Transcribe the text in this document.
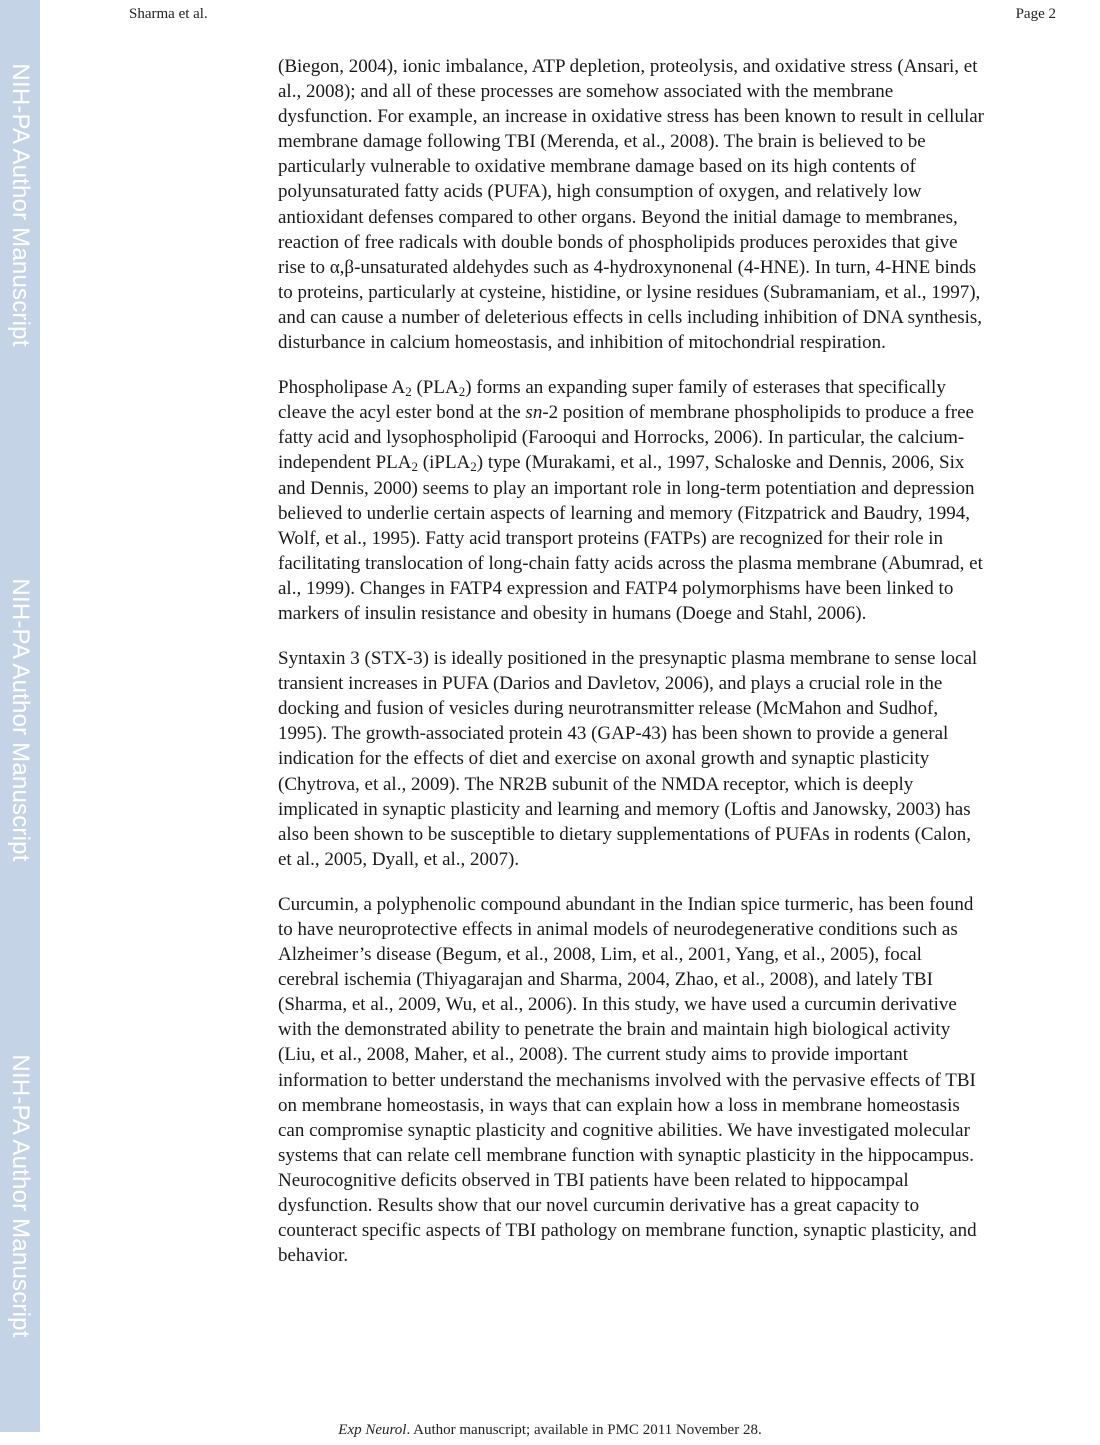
NIH-PA Author Manuscript
NIH-PA Author Manuscript
NIH-PA Author Manuscript
Sharma et al.	Page 2

(Biegon, 2004), ionic imbalance, ATP depletion, proteolysis, and oxidative stress (Ansari, et
al., 2008); and all of these processes are somehow associated with the membrane
dysfunction. For example, an increase in oxidative stress has been known to result in cellular
membrane damage following TBI (Merenda, et al., 2008). The brain is believed to be
particularly vulnerable to oxidative membrane damage based on its high contents of
polyunsaturated fatty acids (PUFA), high consumption of oxygen, and relatively low
antioxidant defenses compared to other organs. Beyond the initial damage to membranes,
reaction of free radicals with double bonds of phospholipids produces peroxides that give
rise to α,β-unsaturated aldehydes such as 4-hydroxynonenal (4-HNE). In turn, 4-HNE binds
to proteins, particularly at cysteine, histidine, or lysine residues (Subramaniam, et al., 1997),
and can cause a number of deleterious effects in cells including inhibition of DNA synthesis,
disturbance in calcium homeostasis, and inhibition of mitochondrial respiration.

Phospholipase $A_2$ $(PLA_2)$ forms an expanding super family of esterases that specifically
cleave the acyl ester bond at the sn-2 position of membrane phospholipids to produce a free
fatty acid and lysophospholipid (Farooqui and Horrocks, 2006). In particular, the calcium-
independent $PLA_2$ (iPLA$_2$) type (Murakami, et al., 1997, Schaloske and Dennis, 2006, Six
and Dennis, 2000) seems to play an important role in long-term potentiation and depression
believed to underlie certain aspects of learning and memory (Fitzpatrick and Baudry, 1994,
Wolf, et al., 1995). Fatty acid transport proteins (FATPs) are recognized for their role in
facilitating translocation of long-chain fatty acids across the plasma membrane (Abumrad, et
al., 1999). Changes in FATP4 expression and FATP4 polymorphisms have been linked to
markers of insulin resistance and obesity in humans (Doege and Stahl, 2006).

Syntaxin 3 (STX-3) is ideally positioned in the presynaptic plasma membrane to sense local
transient increases in PUFA (Darios and Davletov, 2006), and plays a crucial role in the
docking and fusion of vesicles during neurotransmitter release (McMahon and Sudhof,
1995). The growth-associated protein 43 (GAP-43) has been shown to provide a general
indication for the effects of diet and exercise on axonal growth and synaptic plasticity
(Chytrova, et al., 2009). The NR2B subunit of the NMDA receptor, which is deeply
implicated in synaptic plasticity and learning and memory (Loftis and Janowsky, 2003) has
also been shown to be susceptible to dietary supplementations of PUFAs in rodents (Calon,
et al., 2005, Dyall, et al., 2007).

Curcumin, a polyphenolic compound abundant in the Indian spice turmeric, has been found
to have neuroprotective effects in animal models of neurodegenerative conditions such as
Alzheimer’s disease (Begum, et al., 2008, Lim, et al., 2001, Yang, et al., 2005), focal
cerebral ischemia (Thiyagarajan and Sharma, 2004, Zhao, et al., 2008), and lately TBI
(Sharma, et al., 2009, Wu, et al., 2006). In this study, we have used a curcumin derivative
with the demonstrated ability to penetrate the brain and maintain high biological activity
(Liu, et al., 2008, Maher, et al., 2008). The current study aims to provide important
information to better understand the mechanisms involved with the pervasive effects of TBI
on membrane homeostasis, in ways that can explain how a loss in membrane homeostasis
can compromise synaptic plasticity and cognitive abilities. We have investigated molecular
systems that can relate cell membrane function with synaptic plasticity in the hippocampus.
Neurocognitive deficits observed in TBI patients have been related to hippocampal
dysfunction. Results show that our novel curcumin derivative has a great capacity to
counteract specific aspects of TBI pathology on membrane function, synaptic plasticity, and
behavior.

Exp Neurol. Author manuscript; available in PMC 2011 November 28.
